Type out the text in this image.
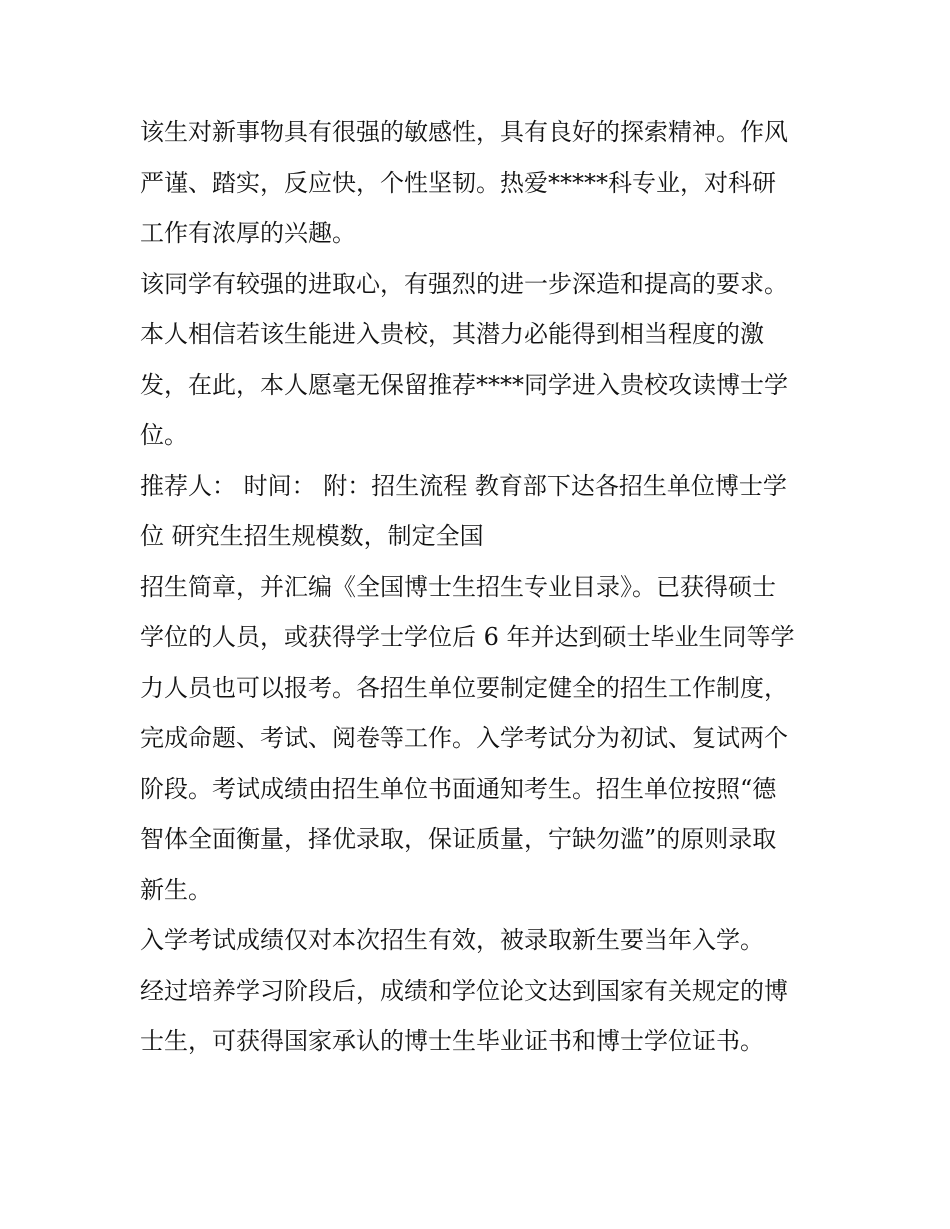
该生对新事物具有很强的敏感性，具有良好的探索精神。作风
严谨、踏实，反应快，个性坚韧。热爱*****科专业，对科研
工作有浓厚的兴趣。

该同学有较强的进取心，有强烈的进一步深造和提高的要求。
本人相信若该生能进入贵校，其潜力必能得到相当程度的激
发，在此，本人愿毫无保留推荐****同学进入贵校攻读博士学
位。

推荐人： 时间： 附：招生流程 教育部下达各招生单位博士学
位 研究生招生规模数，制定全国

招生简章，并汇编《全国博士生招生专业目录》。已获得硕士
学位的人员，或获得学士学位后 6 年并达到硕士毕业生同等学
力人员也可以报考。各招生单位要制定健全的招生工作制度，
完成命题、考试、阅卷等工作。入学考试分为初试、复试两个
阶段。考试成绩由招生单位书面通知考生。招生单位按照“德
智体全面衡量，择优录取，保证质量，宁缺勿滥”的原则录取
新生。

入学考试成绩仅对本次招生有效，被录取新生要当年入学。

经过培养学习阶段后，成绩和学位论文达到国家有关规定的博
士生，可获得国家承认的博士生毕业证书和博士学位证书。
